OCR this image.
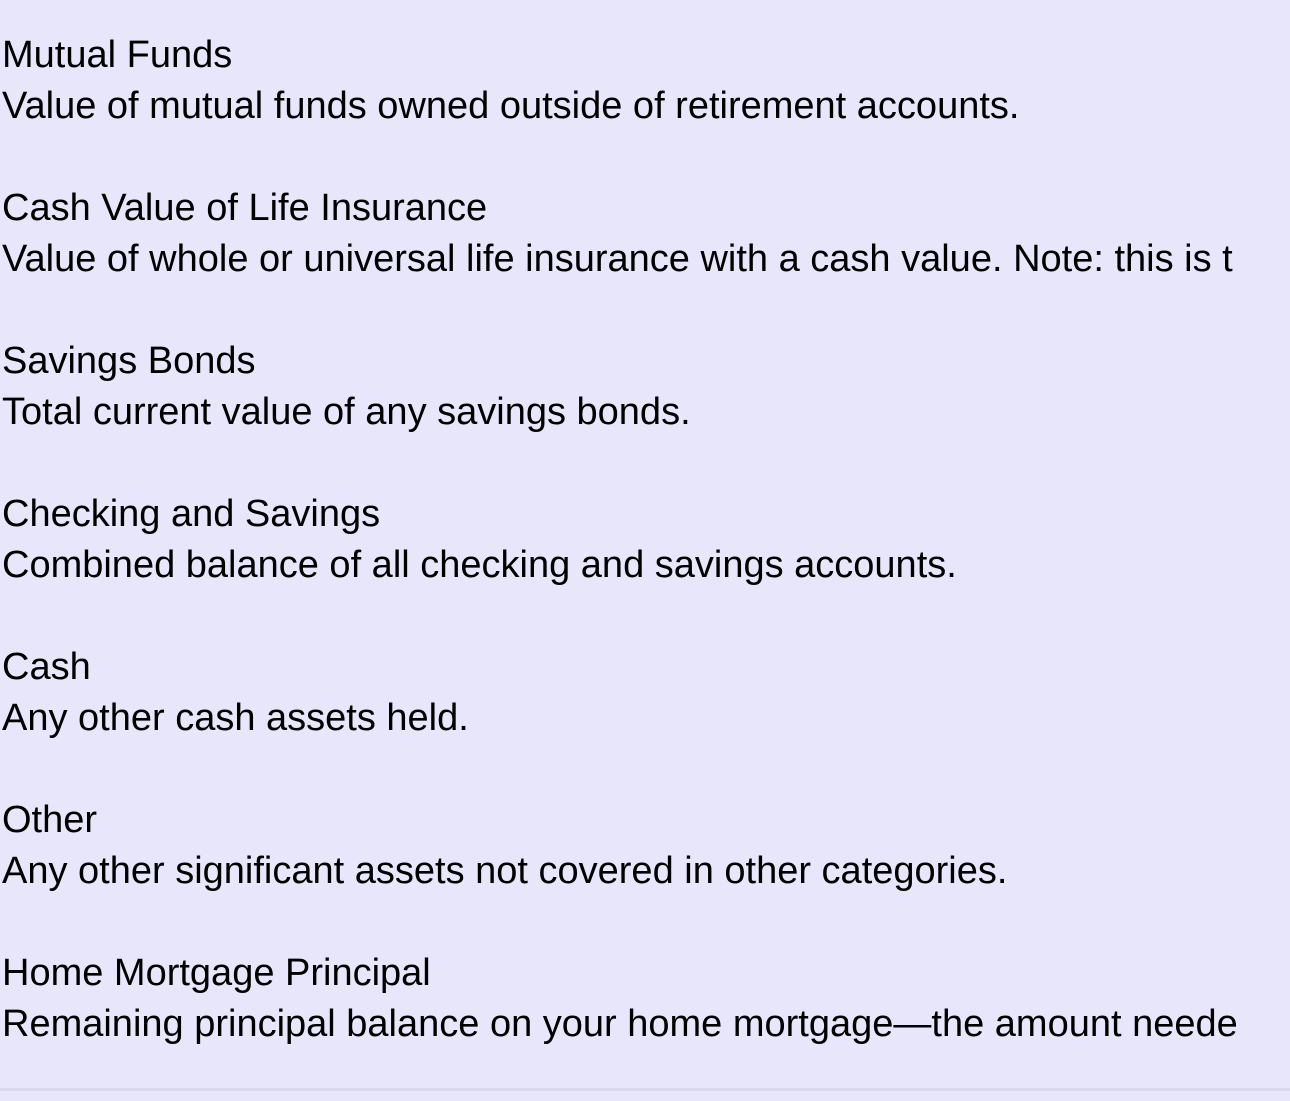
Mutual Funds

Value of mutual funds owned outside of retirement accounts.

Cash Value of Life Insurance

Value of whole or universal life insurance with a cash value. Note: this is t

Savings Bonds

Total current value of any savings bonds.

Checking and Savings

Combined balance of all checking and savings accounts.

Cash

Any other cash assets held.

Other

Any other significant assets not covered in other categories.

Home Mortgage Principal

Remaining principal balance on your home mortgage—the amount neede
